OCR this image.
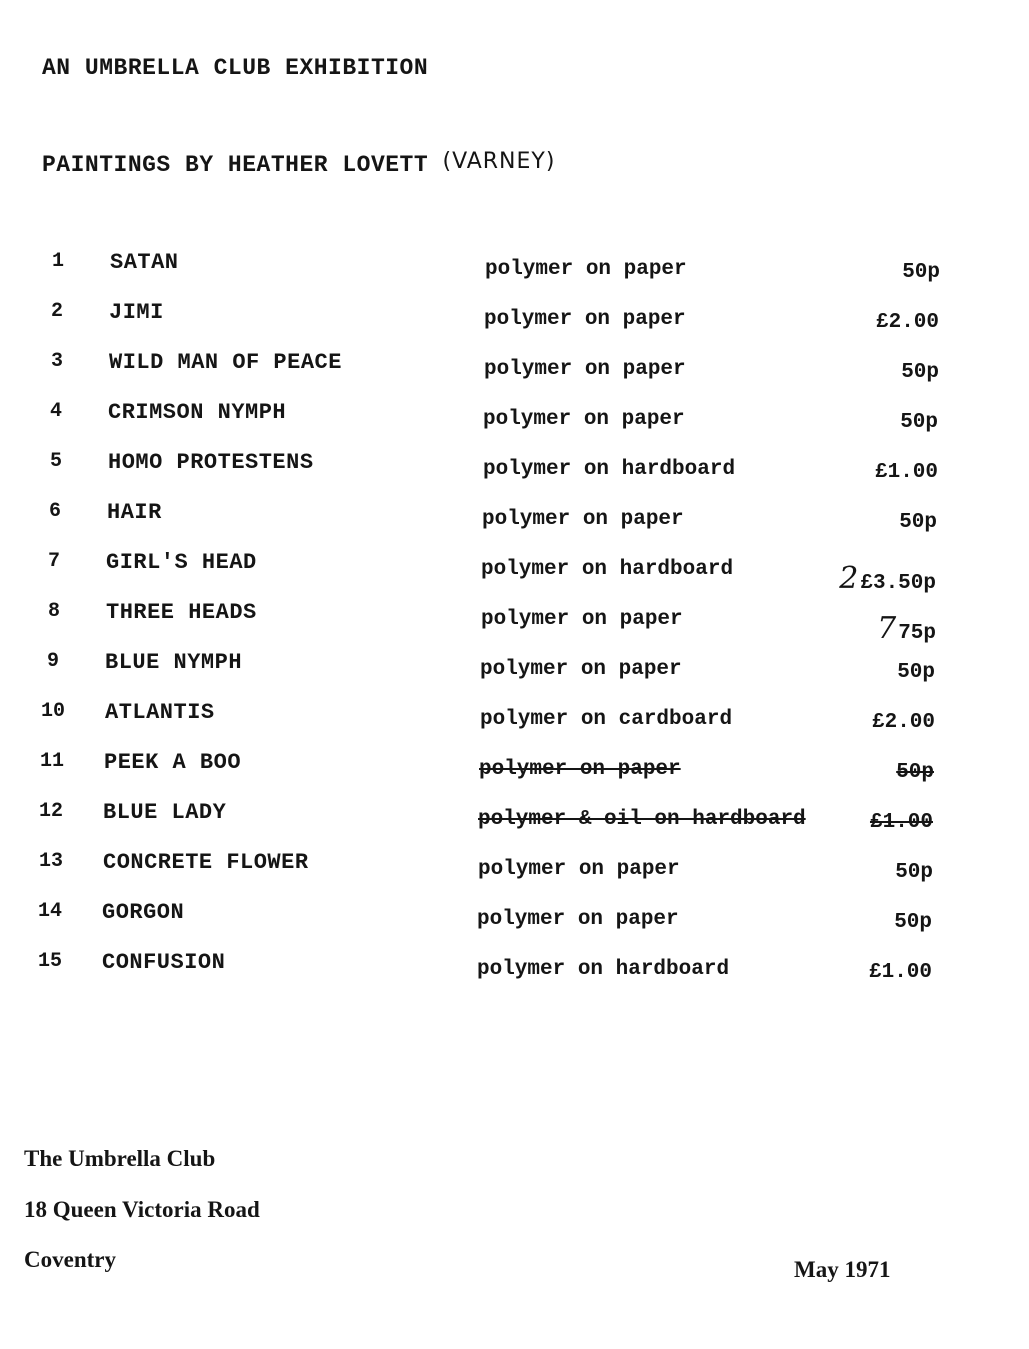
AN UMBRELLA CLUB EXHIBITION
PAINTINGS BY HEATHER LOVETT (VARNEY)
1	SATAN	polymer on paper	50p
2	JIMI	polymer on paper	£2.00
3	WILD MAN OF PEACE	polymer on paper	50p
4	CRIMSON NYMPH	polymer on paper	50p
5	HOMO PROTESTENS	polymer on hardboard	£1.00
6	HAIR	polymer on paper	50p
7	GIRL'S HEAD	polymer on hardboard	2£3.50p
8	THREE HEADS	polymer on paper	775p
9	BLUE NYMPH	polymer on paper	50p
10	ATLANTIS	polymer on cardboard	£2.00
11	PEEK A BOO	polymer on paper	50p
12	BLUE LADY	polymer & oil on hardboard	£1.00
13	CONCRETE FLOWER	polymer on paper	50p
14	GORGON	polymer on paper	50p
15	CONFUSION	polymer on hardboard	£1.00
The Umbrella Club
18 Queen Victoria Road
Coventry	May 1971
